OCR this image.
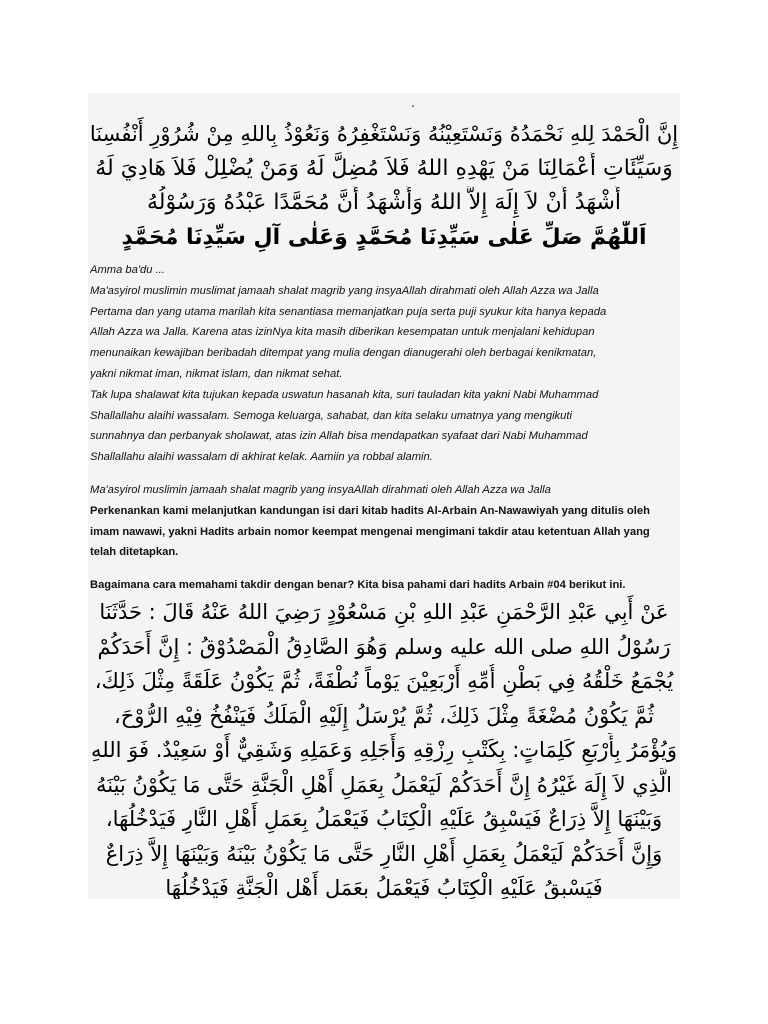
.
إِنَّ الْحَمْدَ لِلهِ نَحْمَدُهُ وَنَسْتَعِيْنُهُ وَنَسْتَغْفِرُهُ وَنَعُوْذُ بِاللهِ مِنْ شُرُوْرِ أَنْفُسِنَا
وَسَيِّئَاتِ أَعْمَالِنَا مَنْ يَهْدِهِ اللهُ فَلاَ مُضِلَّ لَهُ وَمَنْ يُضْلِلْ فَلاَ هَادِيَ لَهُ
أَشْهَدُ أَنْ لاَ إِلَهَ إِلاَّ اللهُ وَأَشْهَدُ أَنَّ مُحَمَّدًا عَبْدُهُ وَرَسُوْلُهُ
اَللّٰهُمَّ صَلِّ عَلٰى سَيِّدِنَا مُحَمَّدٍ وَعَلٰى آلِ سَيِّدِنَا مُحَمَّدٍ
Amma ba'du ...
Ma'asyirol muslimin muslimat jamaah shalat magrib yang insyaAllah dirahmati oleh Allah Azza wa Jalla
Pertama dan yang utama marilah kita senantiasa memanjatkan puja serta puji syukur kita hanya kepada
Allah Azza wa Jalla. Karena atas izinNya kita masih diberikan kesempatan untuk menjalani kehidupan
menunaikan kewajiban beribadah ditempat yang mulia dengan dianugerahi oleh berbagai kenikmatan,
yakni nikmat iman, nikmat islam, dan nikmat sehat.
Tak lupa shalawat kita tujukan kepada uswatun hasanah kita, suri tauladan kita yakni Nabi Muhammad
Shallallahu alaihi wassalam. Semoga keluarga, sahabat, dan kita selaku umatnya yang mengikuti
sunnahnya dan perbanyak sholawat, atas izin Allah bisa mendapatkan syafaat dari Nabi Muhammad
Shallallahu alaihi wassalam di akhirat kelak. Aamiin ya robbal alamin.
Ma'asyirol muslimin jamaah shalat magrib yang insyaAllah dirahmati oleh Allah Azza wa Jalla
Perkenankan kami melanjutkan kandungan isi dari kitab hadits Al-Arbain An-Nawawiyah yang ditulis oleh
imam nawawi, yakni Hadits arbain nomor keempat mengenai mengimani takdir atau ketentuan Allah yang
telah ditetapkan.
Bagaimana cara memahami takdir dengan benar? Kita bisa pahami dari hadits Arbain #04 berikut ini.
عَنْ أَبِي عَبْدِ الرَّحْمَنِ عَبْدِ اللهِ بْنِ مَسْعُوْدٍ رَضِيَ اللهُ عَنْهُ قَالَ : حَدَّثَنَا
رَسُوْلُ اللهِ صلى الله عليه وسلم وَهُوَ الصَّادِقُ الْمَصْدُوْقُ : إِنَّ أَحَدَكُمْ
يُجْمَعُ خَلْقُهُ فِي بَطْنِ أُمِّهِ أَرْبَعِيْنَ يَوْماً نُطْفَةً، ثُمَّ يَكُوْنُ عَلَقَةً مِثْلَ ذَلِكَ،
ثُمَّ يَكُوْنُ مُضْغَةً مِثْلَ ذَلِكَ، ثُمَّ يُرْسَلُ إِلَيْهِ الْمَلَكُ فَيَنْفُخُ فِيْهِ الرُّوْحَ،
وَيُؤْمَرُ بِأَرْبَعِ كَلِمَاتٍ: بِكَتْبِ رِزْقِهِ وَأَجَلِهِ وَعَمَلِهِ وَشَقِيٌّ أَوْ سَعِيْدٌ. فَوَ اللهِ
الَّذِي لاَ إِلَهَ غَيْرُهُ إِنَّ أَحَدَكُمْ لَيَعْمَلُ بِعَمَلِ أَهْلِ الْجَنَّةِ حَتَّى مَا يَكُوْنُ بَيْنَهُ
وَبَيْنَهَا إِلاَّ ذِرَاعٌ فَيَسْبِقُ عَلَيْهِ الْكِتَابُ فَيَعْمَلُ بِعَمَلِ أَهْلِ النَّارِ فَيَدْخُلُهَا،
وَإِنَّ أَحَدَكُمْ لَيَعْمَلُ بِعَمَلِ أَهْلِ النَّارِ حَتَّى مَا يَكُوْنُ بَيْنَهُ وَبَيْنَهَا إِلاَّ ذِرَاعٌ
فَيَسْبِقُ عَلَيْهِ الْكِتَابُ فَيَعْمَلُ بِعَمَلِ أَهْلِ الْجَنَّةِ فَيَدْخُلُهَا
